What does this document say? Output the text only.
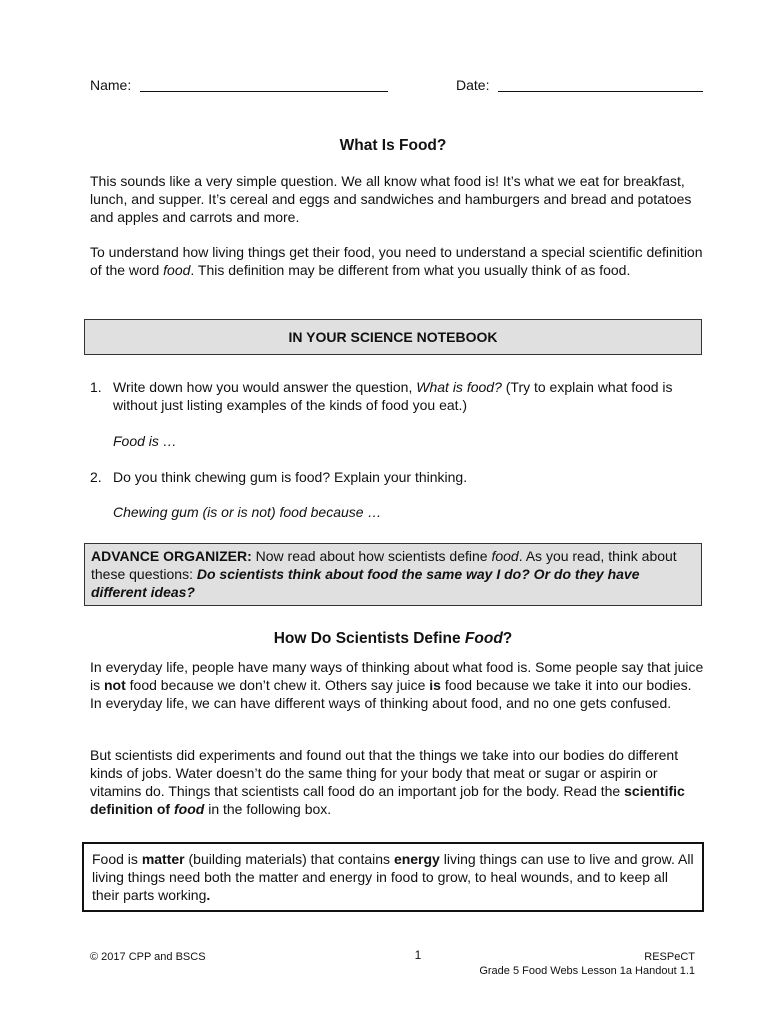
Name:	Date:
What Is Food?

This sounds like a very simple question. We all know what food is! It’s what we eat for breakfast, lunch, and supper. It’s cereal and eggs and sandwiches and hamburgers and bread and potatoes and apples and carrots and more.

To understand how living things get their food, you need to understand a special scientific definition of the word food. This definition may be different from what you usually think of as food.

IN YOUR SCIENCE NOTEBOOK
1. Write down how you would answer the question, What is food? (Try to explain what food is without just listing examples of the kinds of food you eat.)

Food is …

2. Do you think chewing gum is food? Explain your thinking.

Chewing gum (is or is not) food because …

ADVANCE ORGANIZER: Now read about how scientists define food. As you read, think about these questions: Do scientists think about food the same way I do? Or do they have different ideas?
How Do Scientists Define Food?

In everyday life, people have many ways of thinking about what food is. Some people say that juice is not food because we don’t chew it. Others say juice is food because we take it into our bodies. In everyday life, we can have different ways of thinking about food, and no one gets confused.

But scientists did experiments and found out that the things we take into our bodies do different kinds of jobs. Water doesn’t do the same thing for your body that meat or sugar or aspirin or vitamins do. Things that scientists call food do an important job for the body. Read the scientific definition of food in the following box.

Food is matter (building materials) that contains energy living things can use to live and grow. All living things need both the matter and energy in food to grow, to heal wounds, and to keep all their parts working.
© 2017 CPP and BSCS	1	RESPeCT
Grade 5 Food Webs Lesson 1a Handout 1.1
